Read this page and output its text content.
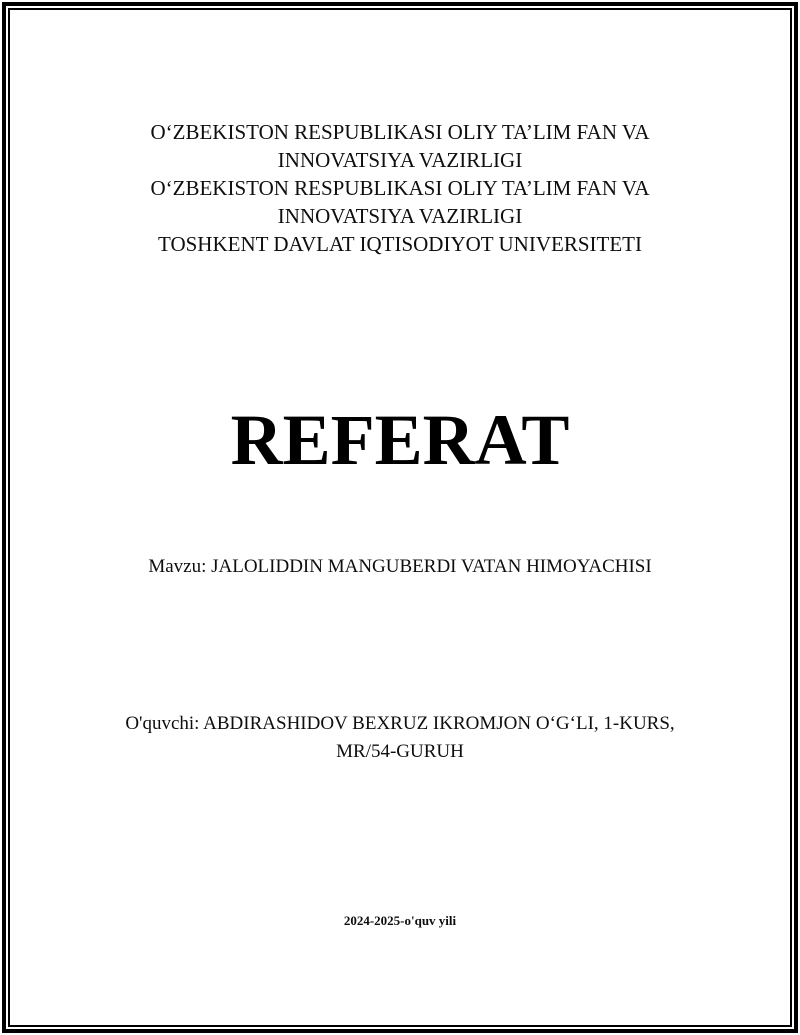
O‘ZBEKISTON RESPUBLIKASI OLIY TA’LIM FAN VA
INNOVATSIYA VAZIRLIGI
O‘ZBEKISTON RESPUBLIKASI OLIY TA’LIM FAN VA
INNOVATSIYA VAZIRLIGI
TOSHKENT DAVLAT IQTISODIYOT UNIVERSITETI
REFERAT
Mavzu: JALOLIDDIN MANGUBERDI VATAN HIMOYACHISI
O'quvchi: ABDIRASHIDOV BEXRUZ IKROMJON O‘G‘LI, 1-KURS,
MR/54-GURUH
2024-2025-o'quv yili
